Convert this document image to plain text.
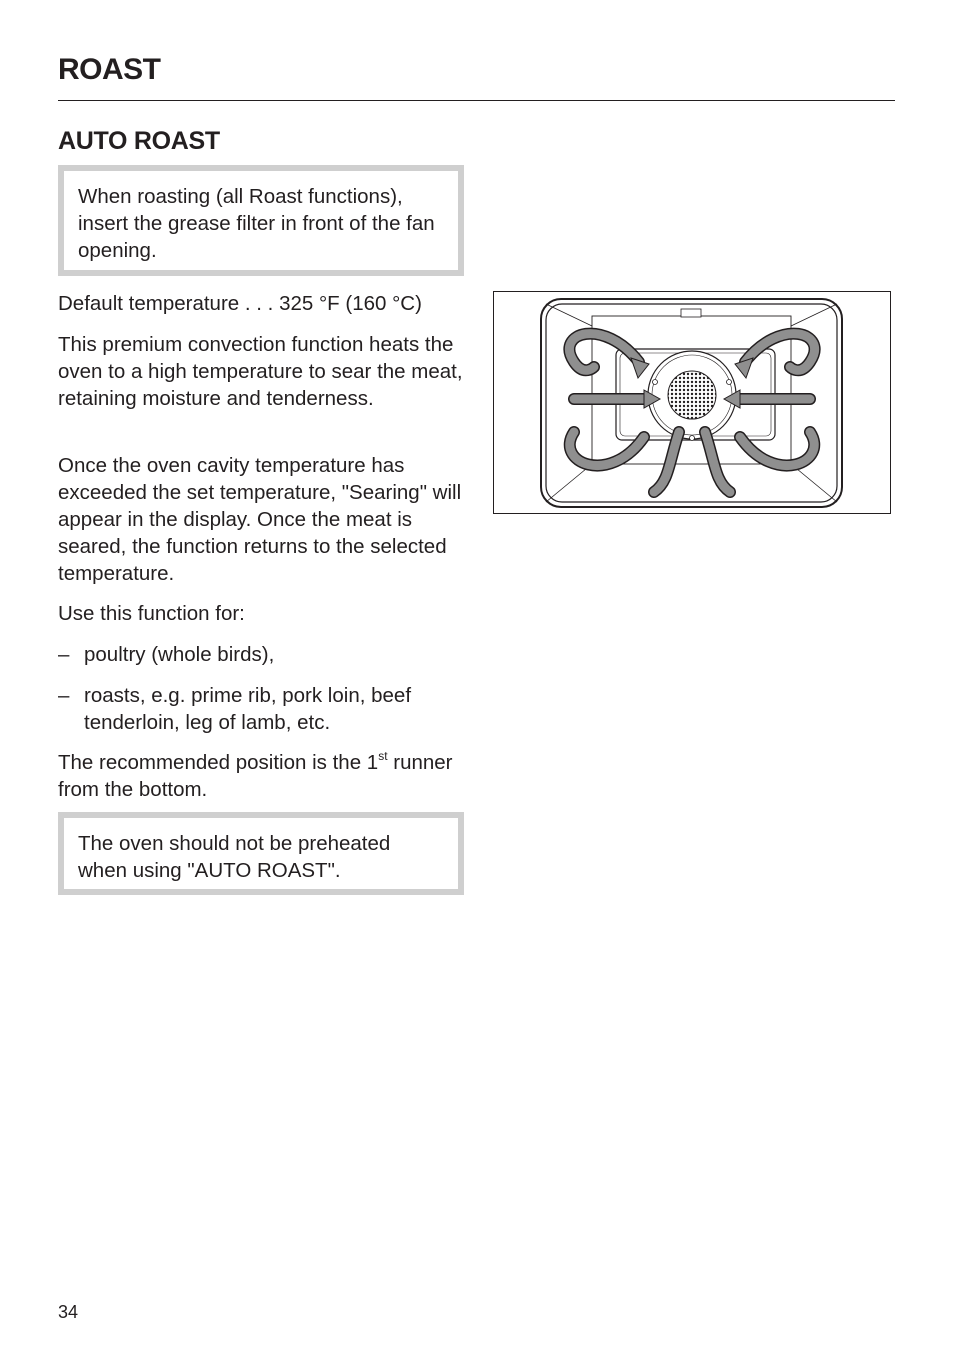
ROAST
AUTO ROAST
When roasting (all Roast functions), insert the grease filter in front of the fan opening.

Default temperature . . . 325 °F (160 °C)

This premium convection function heats the oven to a high temperature to sear the meat, retaining moisture and tenderness.

Once the oven cavity temperature has exceeded the set temperature, "Searing" will appear in the display. Once the meat is seared, the function returns to the selected temperature.

Use this function for:

– poultry (whole birds),
– roasts, e.g. prime rib, pork loin, beef tenderloin, leg of lamb, etc.

The recommended position is the 1st runner from the bottom.

The oven should not be preheated when using "AUTO ROAST".
34
